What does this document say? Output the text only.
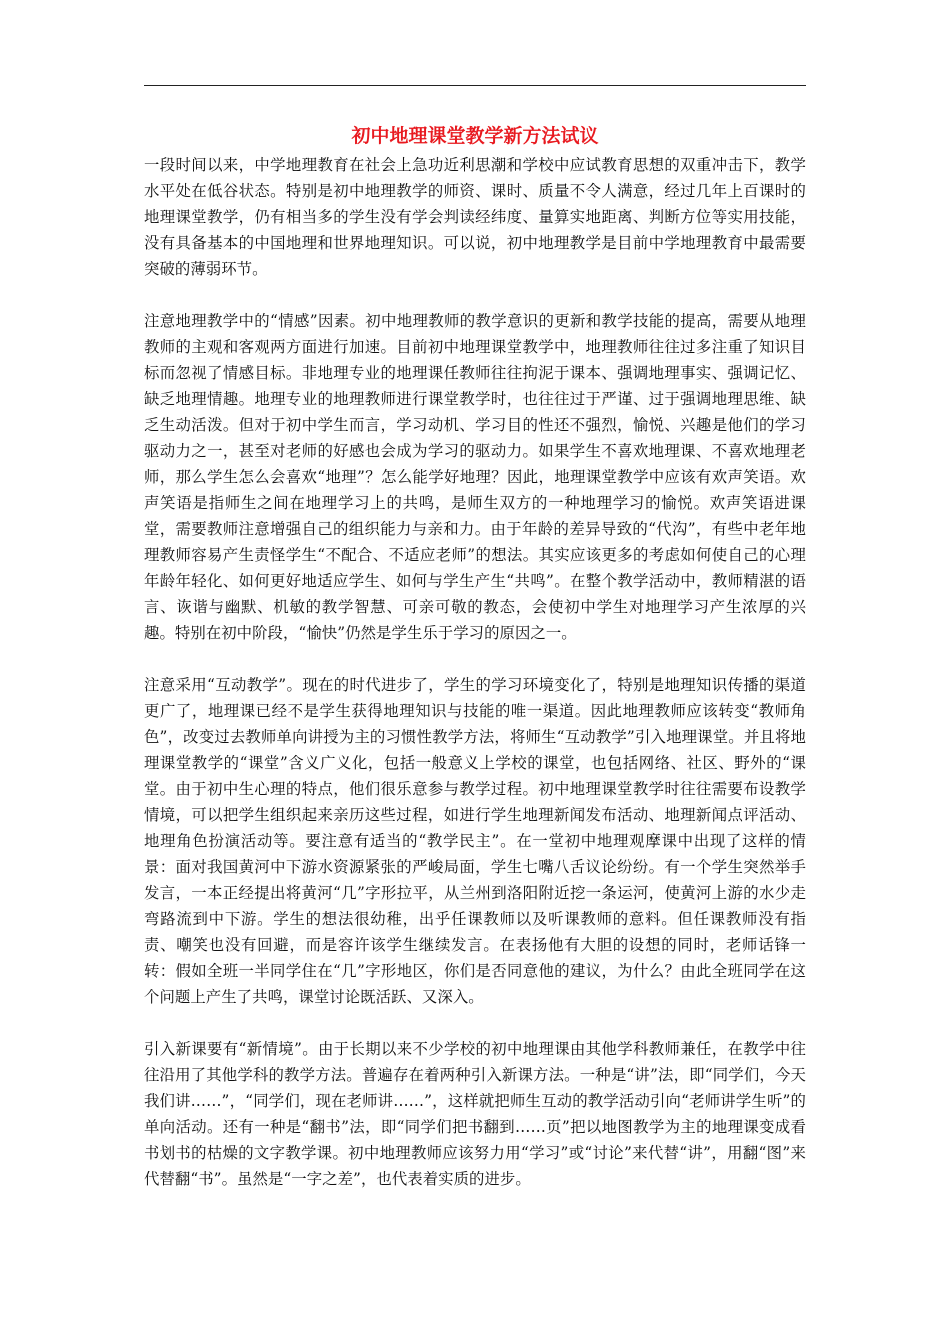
初中地理课堂教学新方法试议

一段时间以来，中学地理教育在社会上急功近利思潮和学校中应试教育思想的双重冲击下，教学水平处在低谷状态。特别是初中地理教学的师资、课时、质量不令人满意，经过几年上百课时的地理课堂教学，仍有相当多的学生没有学会判读经纬度、量算实地距离、判断方位等实用技能，没有具备基本的中国地理和世界地理知识。可以说，初中地理教学是目前中学地理教育中最需要突破的薄弱环节。

注意地理教学中的“情感”因素。初中地理教师的教学意识的更新和教学技能的提高，需要从地理教师的主观和客观两方面进行加速。目前初中地理课堂教学中，地理教师往往过多注重了知识目标而忽视了情感目标。非地理专业的地理课任教师往往拘泥于课本、强调地理事实、强调记忆、缺乏地理情趣。地理专业的地理教师进行课堂教学时，也往往过于严谨、过于强调地理思维、缺乏生动活泼。但对于初中学生而言，学习动机、学习目的性还不强烈，愉悦、兴趣是他们的学习驱动力之一，甚至对老师的好感也会成为学习的驱动力。如果学生不喜欢地理课、不喜欢地理老师，那么学生怎么会喜欢“地理”？怎么能学好地理？因此，地理课堂教学中应该有欢声笑语。欢声笑语是指师生之间在地理学习上的共鸣，是师生双方的一种地理学习的愉悦。欢声笑语进课堂，需要教师注意增强自己的组织能力与亲和力。由于年龄的差异导致的“代沟”，有些中老年地理教师容易产生责怪学生“不配合、不适应老师”的想法。其实应该更多的考虑如何使自己的心理年龄年轻化、如何更好地适应学生、如何与学生产生“共鸣”。在整个教学活动中，教师精湛的语言、诙谐与幽默、机敏的教学智慧、可亲可敬的教态，会使初中学生对地理学习产生浓厚的兴趣。特别在初中阶段，“愉快”仍然是学生乐于学习的原因之一。

注意采用“互动教学”。现在的时代进步了，学生的学习环境变化了，特别是地理知识传播的渠道更广了，地理课已经不是学生获得地理知识与技能的唯一渠道。因此地理教师应该转变“教师角色”，改变过去教师单向讲授为主的习惯性教学方法，将师生“互动教学”引入地理课堂。并且将地理课堂教学的“课堂”含义广义化，包括一般意义上学校的课堂，也包括网络、社区、野外的“课堂。由于初中生心理的特点，他们很乐意参与教学过程。初中地理课堂教学时往往需要布设教学情境，可以把学生组织起来亲历这些过程，如进行学生地理新闻发布活动、地理新闻点评活动、地理角色扮演活动等。要注意有适当的“教学民主”。在一堂初中地理观摩课中出现了这样的情景：面对我国黄河中下游水资源紧张的严峻局面，学生七嘴八舌议论纷纷。有一个学生突然举手发言，一本正经提出将黄河“几”字形拉平，从兰州到洛阳附近挖一条运河，使黄河上游的水少走弯路流到中下游。学生的想法很幼稚，出乎任课教师以及听课教师的意料。但任课教师没有指责、嘲笑也没有回避，而是容许该学生继续发言。在表扬他有大胆的设想的同时，老师话锋一转：假如全班一半同学住在“几”字形地区，你们是否同意他的建议，为什么？由此全班同学在这个问题上产生了共鸣，课堂讨论既活跃、又深入。

引入新课要有“新情境”。由于长期以来不少学校的初中地理课由其他学科教师兼任，在教学中往往沿用了其他学科的教学方法。普遍存在着两种引入新课方法。一种是“讲”法，即“同学们，今天我们讲……”，“同学们，现在老师讲……”，这样就把师生互动的教学活动引向“老师讲学生听”的单向活动。还有一种是“翻书”法，即“同学们把书翻到……页”把以地图教学为主的地理课变成看书划书的枯燥的文字教学课。初中地理教师应该努力用“学习”或“讨论”来代替“讲”，用翻“图”来代替翻“书”。虽然是“一字之差”，也代表着实质的进步。
